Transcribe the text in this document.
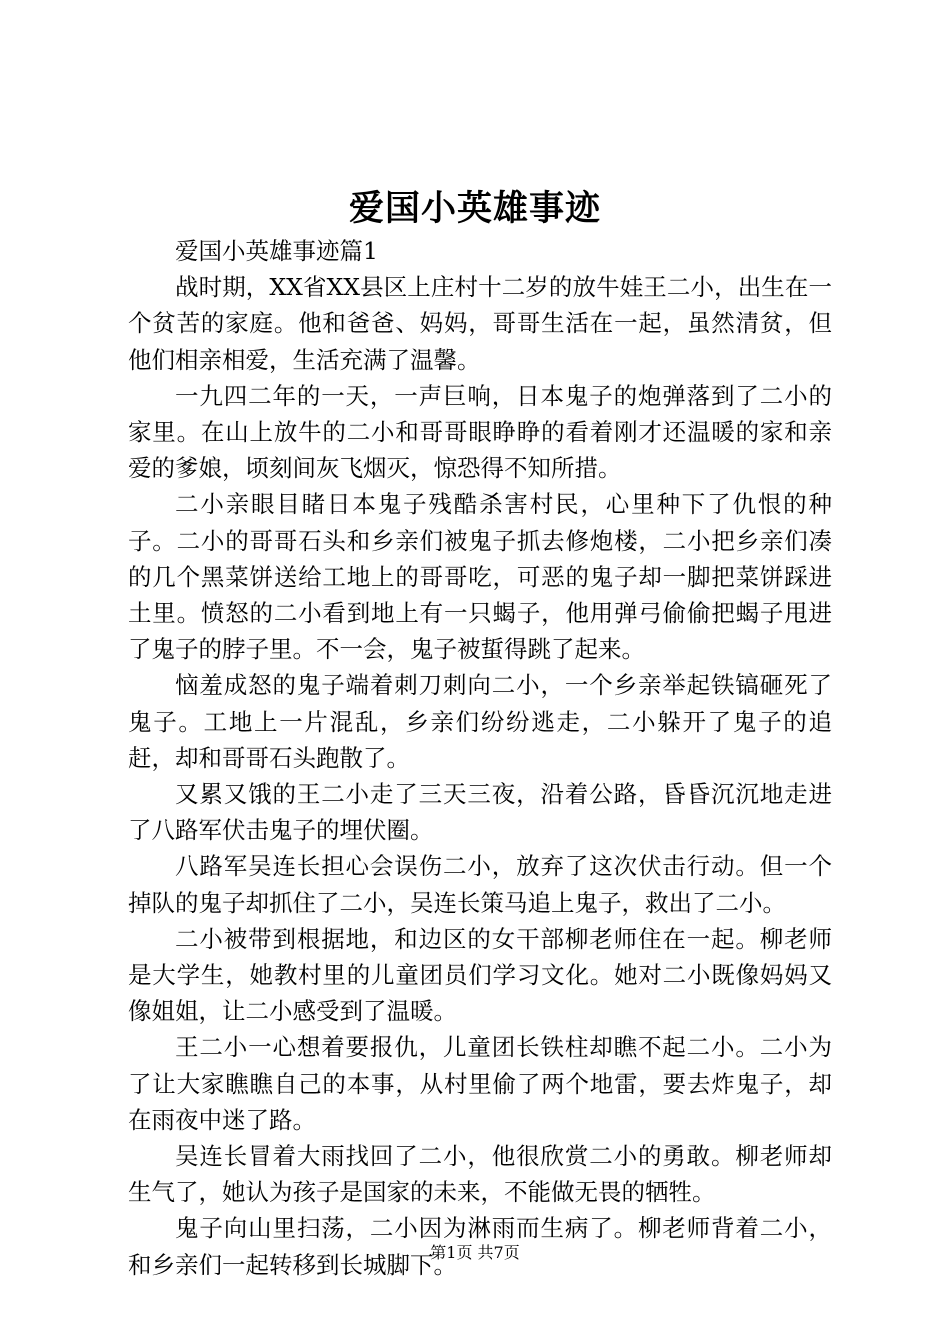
爱国小英雄事迹

爱国小英雄事迹篇1

战时期，XX省XX县区上庄村十二岁的放牛娃王二小，出生在一个贫苦的家庭。他和爸爸、妈妈，哥哥生活在一起，虽然清贫，但他们相亲相爱，生活充满了温馨。

一九四二年的一天，一声巨响，日本鬼子的炮弹落到了二小的家里。在山上放牛的二小和哥哥眼睁睁的看着刚才还温暖的家和亲爱的爹娘，顷刻间灰飞烟灭，惊恐得不知所措。

二小亲眼目睹日本鬼子残酷杀害村民，心里种下了仇恨的种子。二小的哥哥石头和乡亲们被鬼子抓去修炮楼，二小把乡亲们凑的几个黑菜饼送给工地上的哥哥吃，可恶的鬼子却一脚把菜饼踩进土里。愤怒的二小看到地上有一只蝎子，他用弹弓偷偷把蝎子甩进了鬼子的脖子里。不一会，鬼子被蜇得跳了起来。

恼羞成怒的鬼子端着刺刀刺向二小，一个乡亲举起铁镐砸死了鬼子。工地上一片混乱，乡亲们纷纷逃走，二小躲开了鬼子的追赶，却和哥哥石头跑散了。

又累又饿的王二小走了三天三夜，沿着公路，昏昏沉沉地走进了八路军伏击鬼子的埋伏圈。

八路军吴连长担心会误伤二小，放弃了这次伏击行动。但一个掉队的鬼子却抓住了二小，吴连长策马追上鬼子，救出了二小。

二小被带到根据地，和边区的女干部柳老师住在一起。柳老师是大学生，她教村里的儿童团员们学习文化。她对二小既像妈妈又像姐姐，让二小感受到了温暖。

王二小一心想着要报仇，儿童团长铁柱却瞧不起二小。二小为了让大家瞧瞧自己的本事，从村里偷了两个地雷，要去炸鬼子，却在雨夜中迷了路。

吴连长冒着大雨找回了二小，他很欣赏二小的勇敢。柳老师却生气了，她认为孩子是国家的未来，不能做无畏的牺牲。

鬼子向山里扫荡，二小因为淋雨而生病了。柳老师背着二小，和乡亲们一起转移到长城脚下。

第1页 共7页
